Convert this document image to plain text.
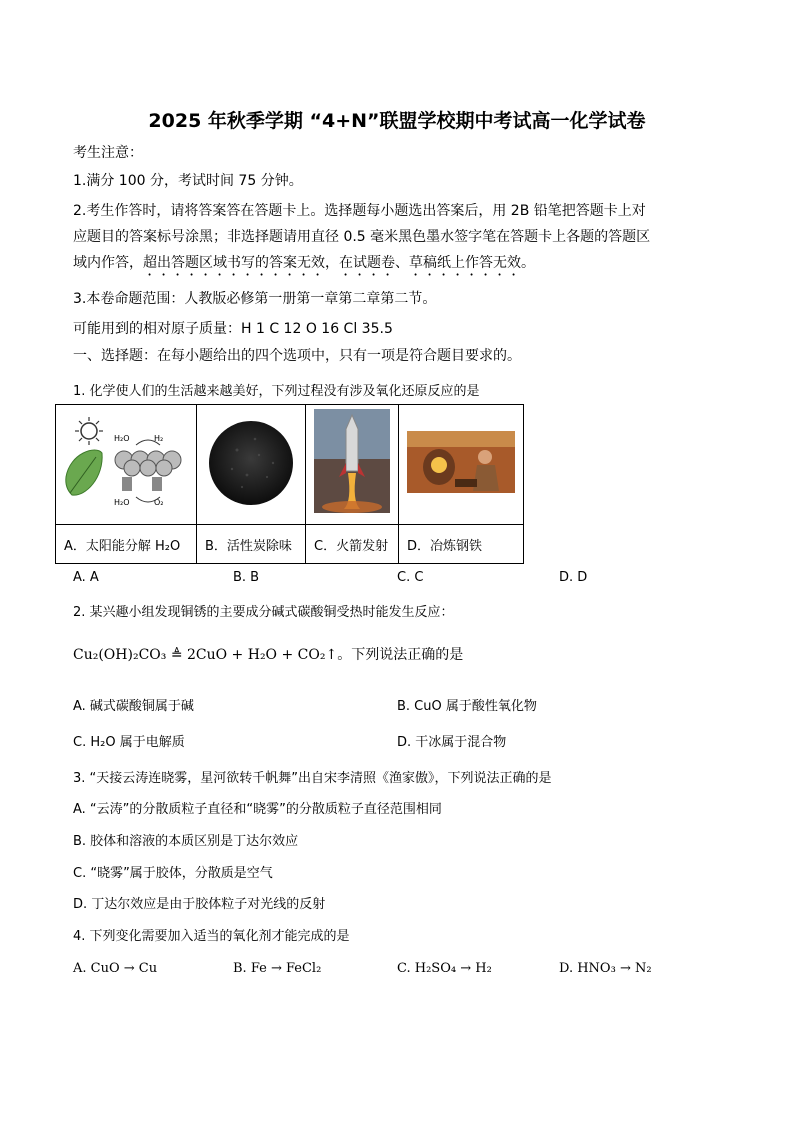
2025 年秋季学期 “4+N”联盟学校期中考试高一化学试卷
考生注意：
1.满分 100 分，考试时间 75 分钟。
2.考生作答时，请将答案答在答题卡上。选择题每小题选出答案后，用 2B 铅笔把答题卡上对
应题目的答案标号涂黑；非选择题请用直径 0.5 毫米黑色墨水签字笔在答题卡上各题的答题区
域内作答，超出答题区域书写的答案无效，在试题卷、草稿纸上作答无效。
3.本卷命题范围：人教版必修第一册第一章第二章第二节。
可能用到的相对原子质量：H 1 C 12 O 16 Cl 35.5
一、选择题：在每小题给出的四个选项中，只有一项是符合题目要求的。
1. 化学使人们的生活越来越美好，下列过程没有涉及氧化还原反应的是
H₂O H₂
H₂O O₂

A．太阳能分解 H₂O	B．活性炭除味	C．火箭发射	D．冶炼钢铁
A. A	B. B	C. C	D. D
2. 某兴趣小组发现铜锈的主要成分碱式碳酸铜受热时能发生反应：
Cu₂(OH)₂CO₃ ≜ 2CuO + H₂O + CO₂↑。下列说法正确的是
A. 碱式碳酸铜属于碱	B. CuO 属于酸性氧化物
C. H₂O 属于电解质	D. 干冰属于混合物
3. “天接云涛连晓雾，星河欲转千帆舞”出自宋李清照《渔家傲》，下列说法正确的是
A. “云涛”的分散质粒子直径和“晓雾”的分散质粒子直径范围相同
B. 胶体和溶液的本质区别是丁达尔效应
C. “晓雾”属于胶体，分散质是空气
D. 丁达尔效应是由于胶体粒子对光线的反射
4. 下列变化需要加入适当的氧化剂才能完成的是
A. CuO → Cu	B. Fe → FeCl₂	C. H₂SO₄ → H₂	D. HNO₃ → N₂
